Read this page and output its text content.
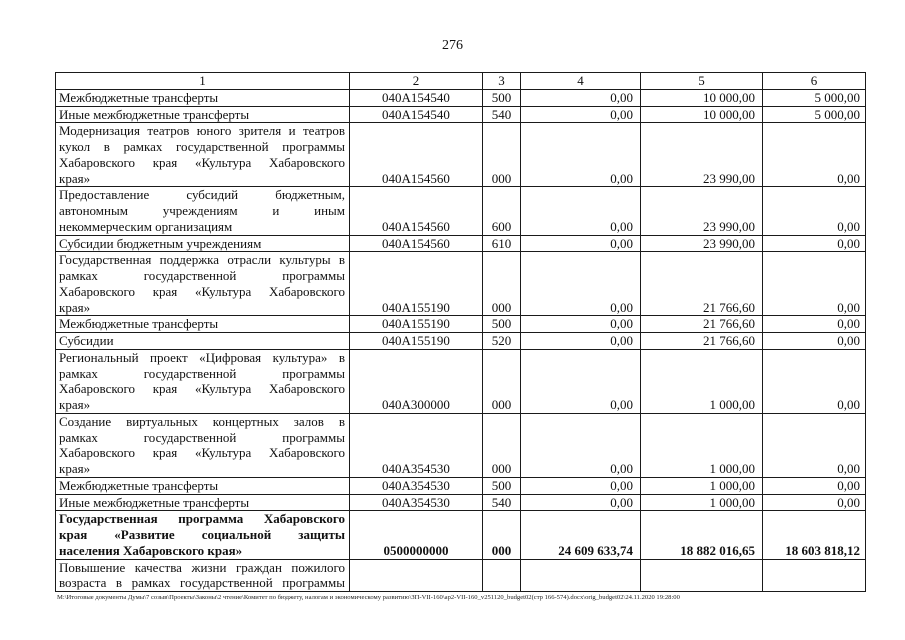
276
1	2	3	4	5	6

Межбюджетные трансферты	040A154540	500	0,00	10 000,00	5 000,00

Иные межбюджетные трансферты	040A154540	540	0,00	10 000,00	5 000,00

Модернизация театров юного зрителя и театров
кукол в рамках государственной программы
Хабаровского края «Культура Хабаровского
края»	040A154560	000	0,00	23 990,00	0,00

Предоставление субсидий бюджетным,
автономным учреждениям и иным
некоммерческим организациям	040A154560	600	0,00	23 990,00	0,00

Субсидии бюджетным учреждениям	040A154560	610	0,00	23 990,00	0,00

Государственная поддержка отрасли культуры в
рамках государственной программы
Хабаровского края «Культура Хабаровского
края»	040A155190	000	0,00	21 766,60	0,00

Межбюджетные трансферты	040A155190	500	0,00	21 766,60	0,00

Субсидии	040A155190	520	0,00	21 766,60	0,00

Региональный проект «Цифровая культура» в
рамках государственной программы
Хабаровского края «Культура Хабаровского
края»	040A300000	000	0,00	1 000,00	0,00

Создание виртуальных концертных залов в
рамках государственной программы
Хабаровского края «Культура Хабаровского
края»	040A354530	000	0,00	1 000,00	0,00

Межбюджетные трансферты	040A354530	500	0,00	1 000,00	0,00

Иные межбюджетные трансферты	040A354530	540	0,00	1 000,00	0,00

Государственная программа Хабаровского
края «Развитие социальной защиты
населения Хабаровского края»	0500000000	000	24 609 633,74	18 882 016,65	18 603 818,12

Повышение качества жизни граждан пожилого
возраста в рамках государственной программы					

M:\Итоговые документы Думы\7 созыв\Проекты\Законы\2 чтение\Комитет по бюджету, налогам и экономическому развитию\ЗП-VII-160\ap2-VII-160_v251120_budget02(стр 166-574).docx\orig_budget02\24.11.2020 19:28:00
